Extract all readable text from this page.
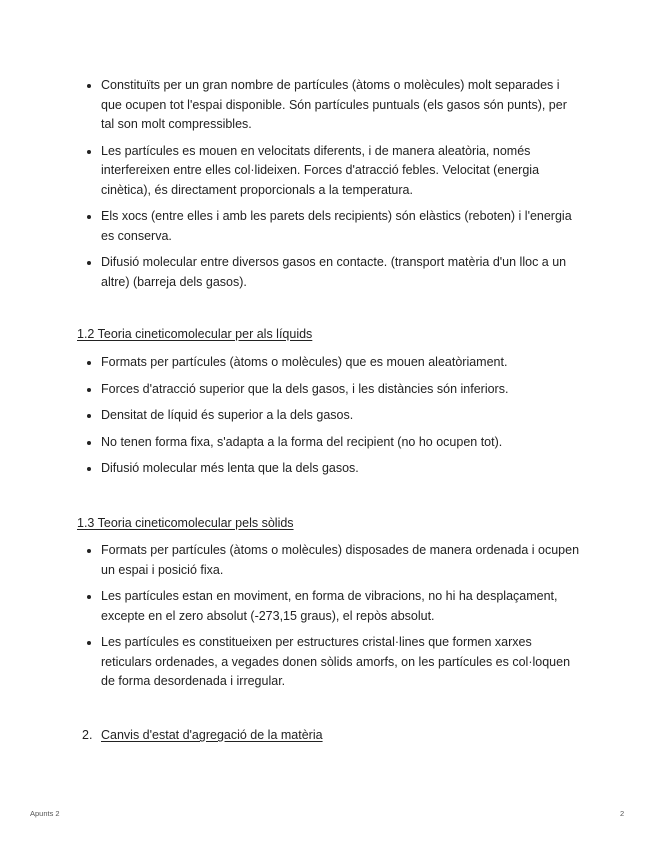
Constituïts per un gran nombre de partícules (àtoms o molècules) molt separades i que ocupen tot l'espai disponible. Són partícules puntuals (els gasos són punts), per tal son molt compressibles.
Les partícules es mouen en velocitats diferents, i de manera aleatòria, només interfereixen entre elles col·lideixen. Forces d'atracció febles. Velocitat (energia cinètica), és directament proporcionals a la temperatura.
Els xocs (entre elles i amb les parets dels recipients) són elàstics (reboten) i l'energia es conserva.
Difusió molecular entre diversos gasos en contacte. (transport matèria d'un lloc a un altre) (barreja dels gasos).
1.2 Teoria cineticomolecular per als líquids
Formats per partícules (àtoms o molècules) que es mouen aleatòriament.
Forces d'atracció superior que la dels gasos, i les distàncies són inferiors.
Densitat de líquid és superior a la dels gasos.
No tenen forma fixa, s'adapta a la forma del recipient (no ho ocupen tot).
Difusió molecular més lenta que la dels gasos.
1.3 Teoria cineticomolecular pels sòlids
Formats per partícules (àtoms o molècules) disposades de manera ordenada i ocupen un espai i posició fixa.
Les partícules estan en moviment, en forma de vibracions, no hi ha desplaçament, excepte en el zero absolut (-273,15 graus), el repòs absolut.
Les partícules es constitueixen per estructures cristal·lines que formen xarxes reticulars ordenades, a vegades donen sòlids amorfs, on les partícules es col·loquen de forma desordenada i irregular.
2. Canvis d'estat d'agregació de la matèria
Apunts 2	2
